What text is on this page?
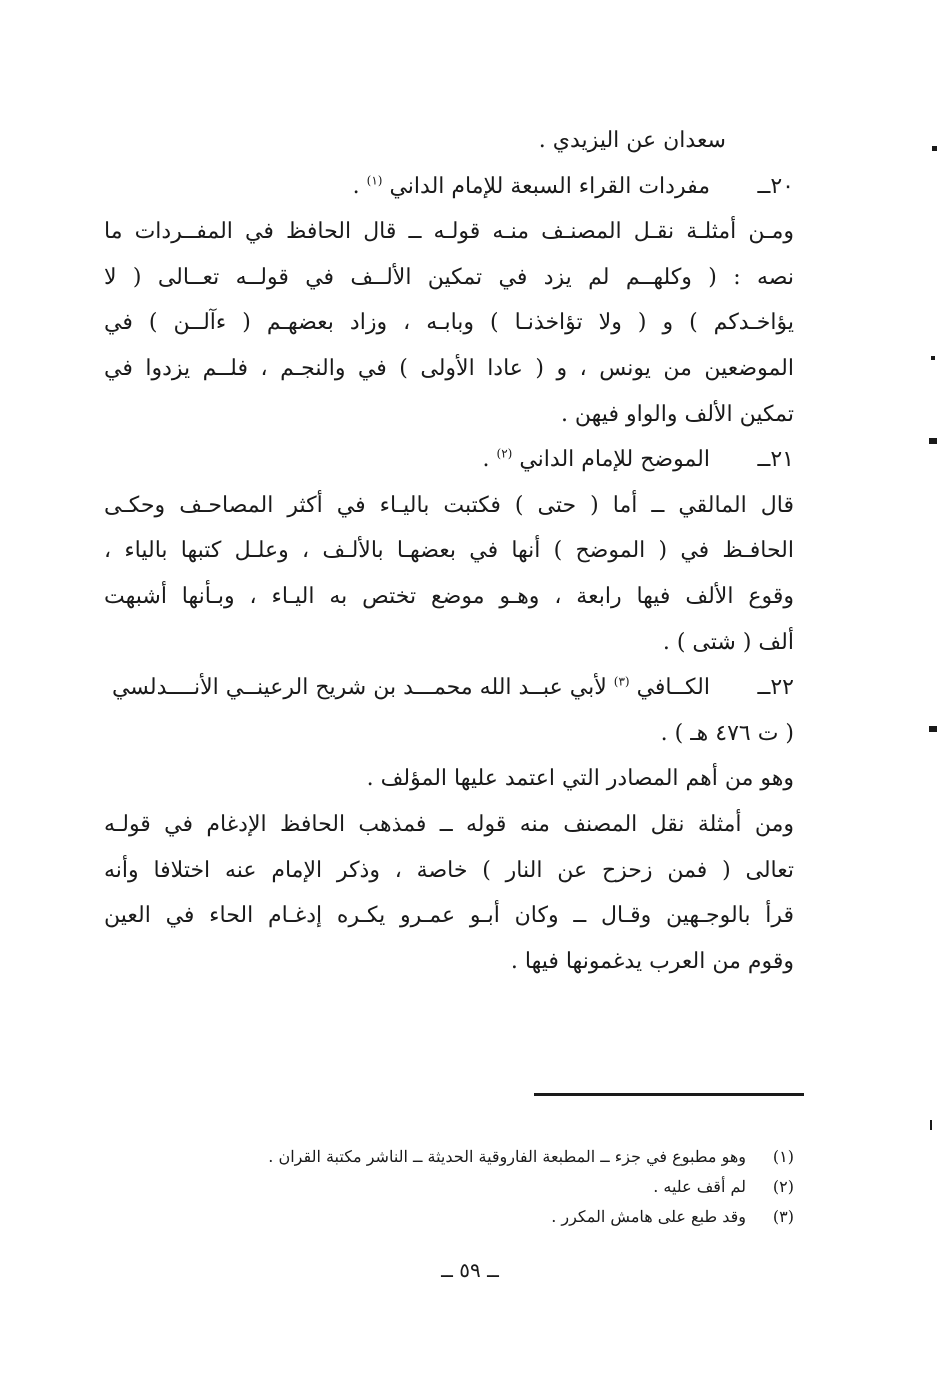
سعدان عن اليزيدي .
٢٠ــ
مفردات القراء السبعة للإمام الداني $^{(١)}$ .
ومـن أمثلـة نقـل المصنـف منـه قولـه ــ قال الحافظ في المفــردات ما
نصه : ( وكلهــم لم يزد في تمكين الألــف في قولــه تعــالى ( لا
يؤاخـدكم ) و ( ولا تؤاخذنـا ) وبابـه ، وزاد بعضهـم ( ءآلــن ) في
الموضعين من يونس ، و ( عادا الأولى ) في والنجـم ، فلــم يزدوا في
تمكين الألف والواو فيهن .
٢١ــ
الموضح للإمام الداني $^{(٢)}$ .
قال المالقي ــ أما ( حتى ) فكتبت باليـاء في أكثر المصاحـف وحكـى
الحافـظ في ( الموضح ) أنها في بعضهـا بالألـف ، وعلـل كتبها بالياء ،
وقوع الألف فيها رابعة ، وهـو موضع تختص به اليـاء ، وبـأنها أشبهت
ألف ( شتى ) .
٢٢ــ
الكــافي $^{(٣)}$ لأبي عبــد الله محمـــد بن شريح الرعينــي الأنــــدلسي
( ت ٤٧٦ هـ ) .
وهو من أهم المصادر التي اعتمد عليها المؤلف .
ومن أمثلة نقل المصنف منه قوله ــ فمذهب الحافظ الإدغام في قولـه
تعالى ( فمن زحزح عن النار ) خاصة ، وذكر الإمام عنه اختلافا وأنه
قرأ بالوجـهين وقـال ــ وكان أبـو عمـرو يكـره إدغـام الحاء في العين
وقوم من العرب يدغمونها فيها .
(١)وهو مطبوع في جزء ــ المطبعة الفاروقية الحديثة ــ الناشر مكتبة القران .
(٢)لم أقف عليه .
(٣)وقد طبع على هامش المكرر .
ــ ٥٩ ــ
